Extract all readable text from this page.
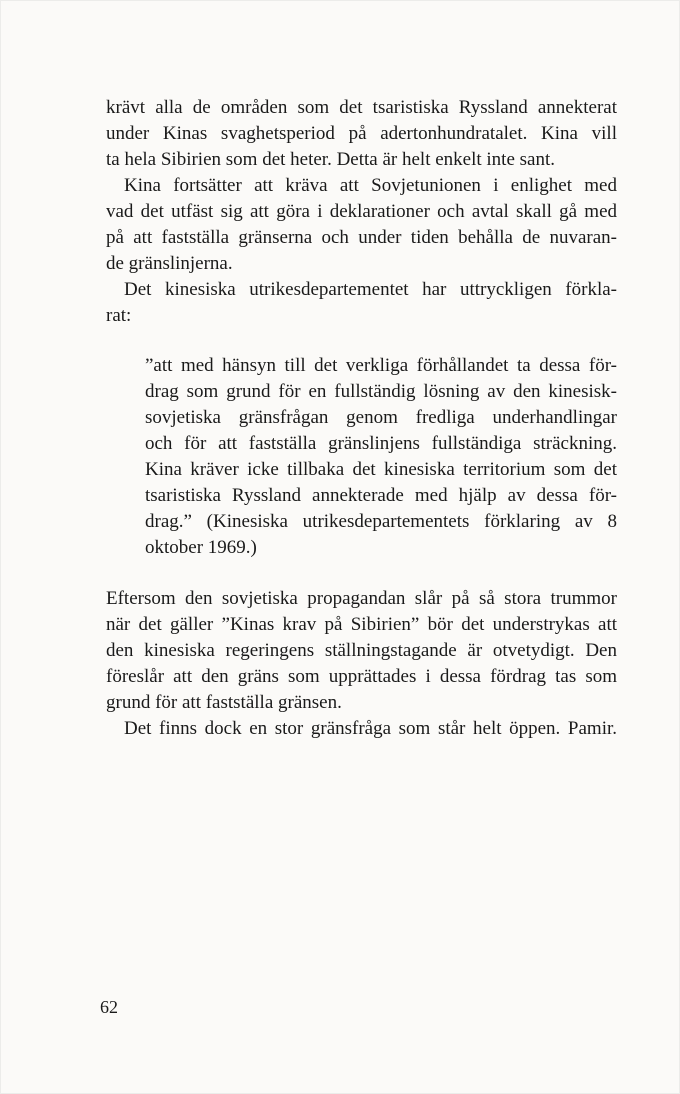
krävt alla de områden som det tsaristiska Ryssland annekterat
under Kinas svaghetsperiod på adertonhundratalet. Kina vill
ta hela Sibirien som det heter. Detta är helt enkelt inte sant.
Kina fortsätter att kräva att Sovjetunionen i enlighet med
vad det utfäst sig att göra i deklarationer och avtal skall gå med
på att fastställa gränserna och under tiden behålla de nuvaran-
de gränslinjerna.
Det kinesiska utrikesdepartementet har uttryckligen förkla-
rat:
”att med hänsyn till det verkliga förhållandet ta dessa för-
drag som grund för en fullständig lösning av den kinesisk-
sovjetiska gränsfrågan genom fredliga underhandlingar
och för att fastställa gränslinjens fullständiga sträckning.
Kina kräver icke tillbaka det kinesiska territorium som det
tsaristiska Ryssland annekterade med hjälp av dessa för-
drag.” (Kinesiska utrikesdepartementets förklaring av 8
oktober 1969.)
Eftersom den sovjetiska propagandan slår på så stora trummor
när det gäller ”Kinas krav på Sibirien” bör det understrykas att
den kinesiska regeringens ställningstagande är otvetydigt. Den
föreslår att den gräns som upprättades i dessa fördrag tas som
grund för att fastställa gränsen.
Det finns dock en stor gränsfråga som står helt öppen. Pamir.
62
